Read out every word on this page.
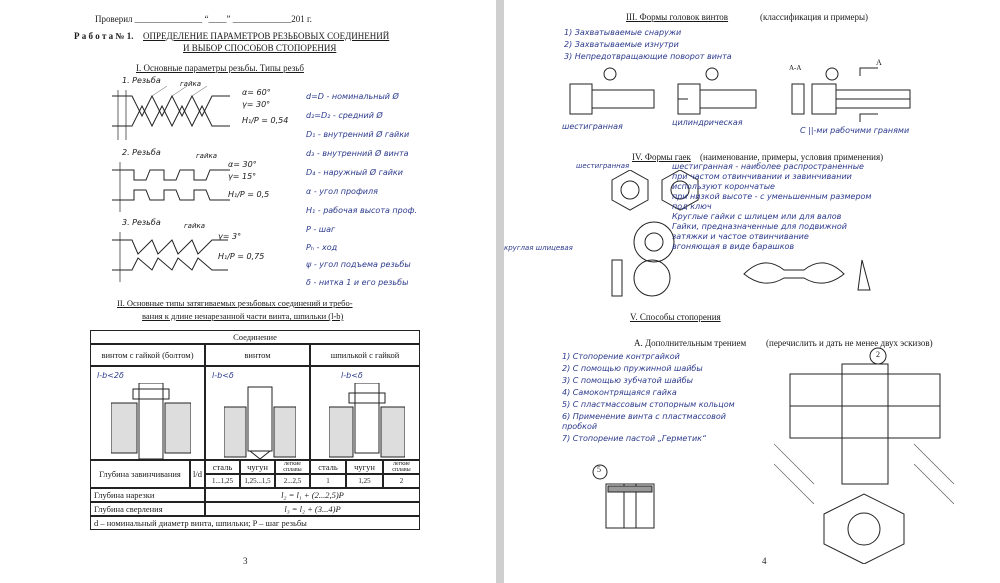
Проверил _______________ “____” _____________201 г.
Р а б о т а № 1. ОПРЕДЕЛЕНИЕ ПАРАМЕТРОВ РЕЗЬБОВЫХ СОЕДИНЕНИЙ
И ВЫБОР СПОСОБОВ СТОПОРЕНИЯ
I. Основные параметры резьбы. Типы резьб
1. Резьба	гайка
α= 60°
γ= 30°
H₁/P = 0,54
2. Резьба	гайка
α= 30°
γ= 15°
H₁/P = 0,5
3. Резьба	гайка
γ= 3°
H₁/P = 0,75
d=D - номинальный Ø
d₂=D₂ - средний Ø
D₁ - внутренний Ø гайки
d₃ - внутренний Ø винта
D₄ - наружный Ø гайки
α - угол профиля
H₁ - рабочая высота проф.
P - шаг
Pₕ - ход
ψ - угол подъема резьбы
δ - нитка 1 и его резьбы
II. Основные типы затягиваемых резьбовых соединений и требо-
вания к длине ненарезанной части винта, шпильки (l-b)
Соединение
винтом с гайкой (болтом)	винтом	шпилькой с гайкой
l-b<2δ	l-b<δ	l-b<δ
Глубина завинчивания	l/d
сталь	чугун	легкие сплавы	сталь	чугун	легкие сплавы
1...1,25	1,25...1,5	2...2,5	1	1,25	2
Глубина нарезки	l₂ = l₁ + (2...2,5)P
Глубина сверления	l₃ = l₂ + (3...4)P
d – номинальный диаметр винта, шпильки; P – шаг резьбы
3
III. Формы головок винтов	(классификация и примеры)
1) Захватываемые снаружи
2) Захватываемые изнутри
3) Непредотвращающие поворот винта
шестигранная	цилиндрическая
С ||-ми рабочими гранями
A
A-A
IV. Формы гаек (наименование, примеры, условия применения)
шестигранная
круглая шлицевая
шестигранная - наиболее распространенные
при частом отвинчивании и завинчивании
используют корончатые
при низкой высоте - с уменьшенным размером
под ключ
Круглые гайки с шлицем или для валов
Гайки, предназначенные для подвижной
затяжки и частое отвинчивание
вгоняющая в виде барашков
V. Способы стопорения
А. Дополнительным трением (перечислить и дать не менее двух эскизов)
1) Стопорение контргайкой
2) С помощью пружинной шайбы
3) С помощью зубчатой шайбы
4) Самоконтрящаяся гайка
5) С пластмассовым стопорным кольцом
6) Применение винта с пластмассовой
пробкой
7) Стопорение пастой „Герметик“
2
5
4
